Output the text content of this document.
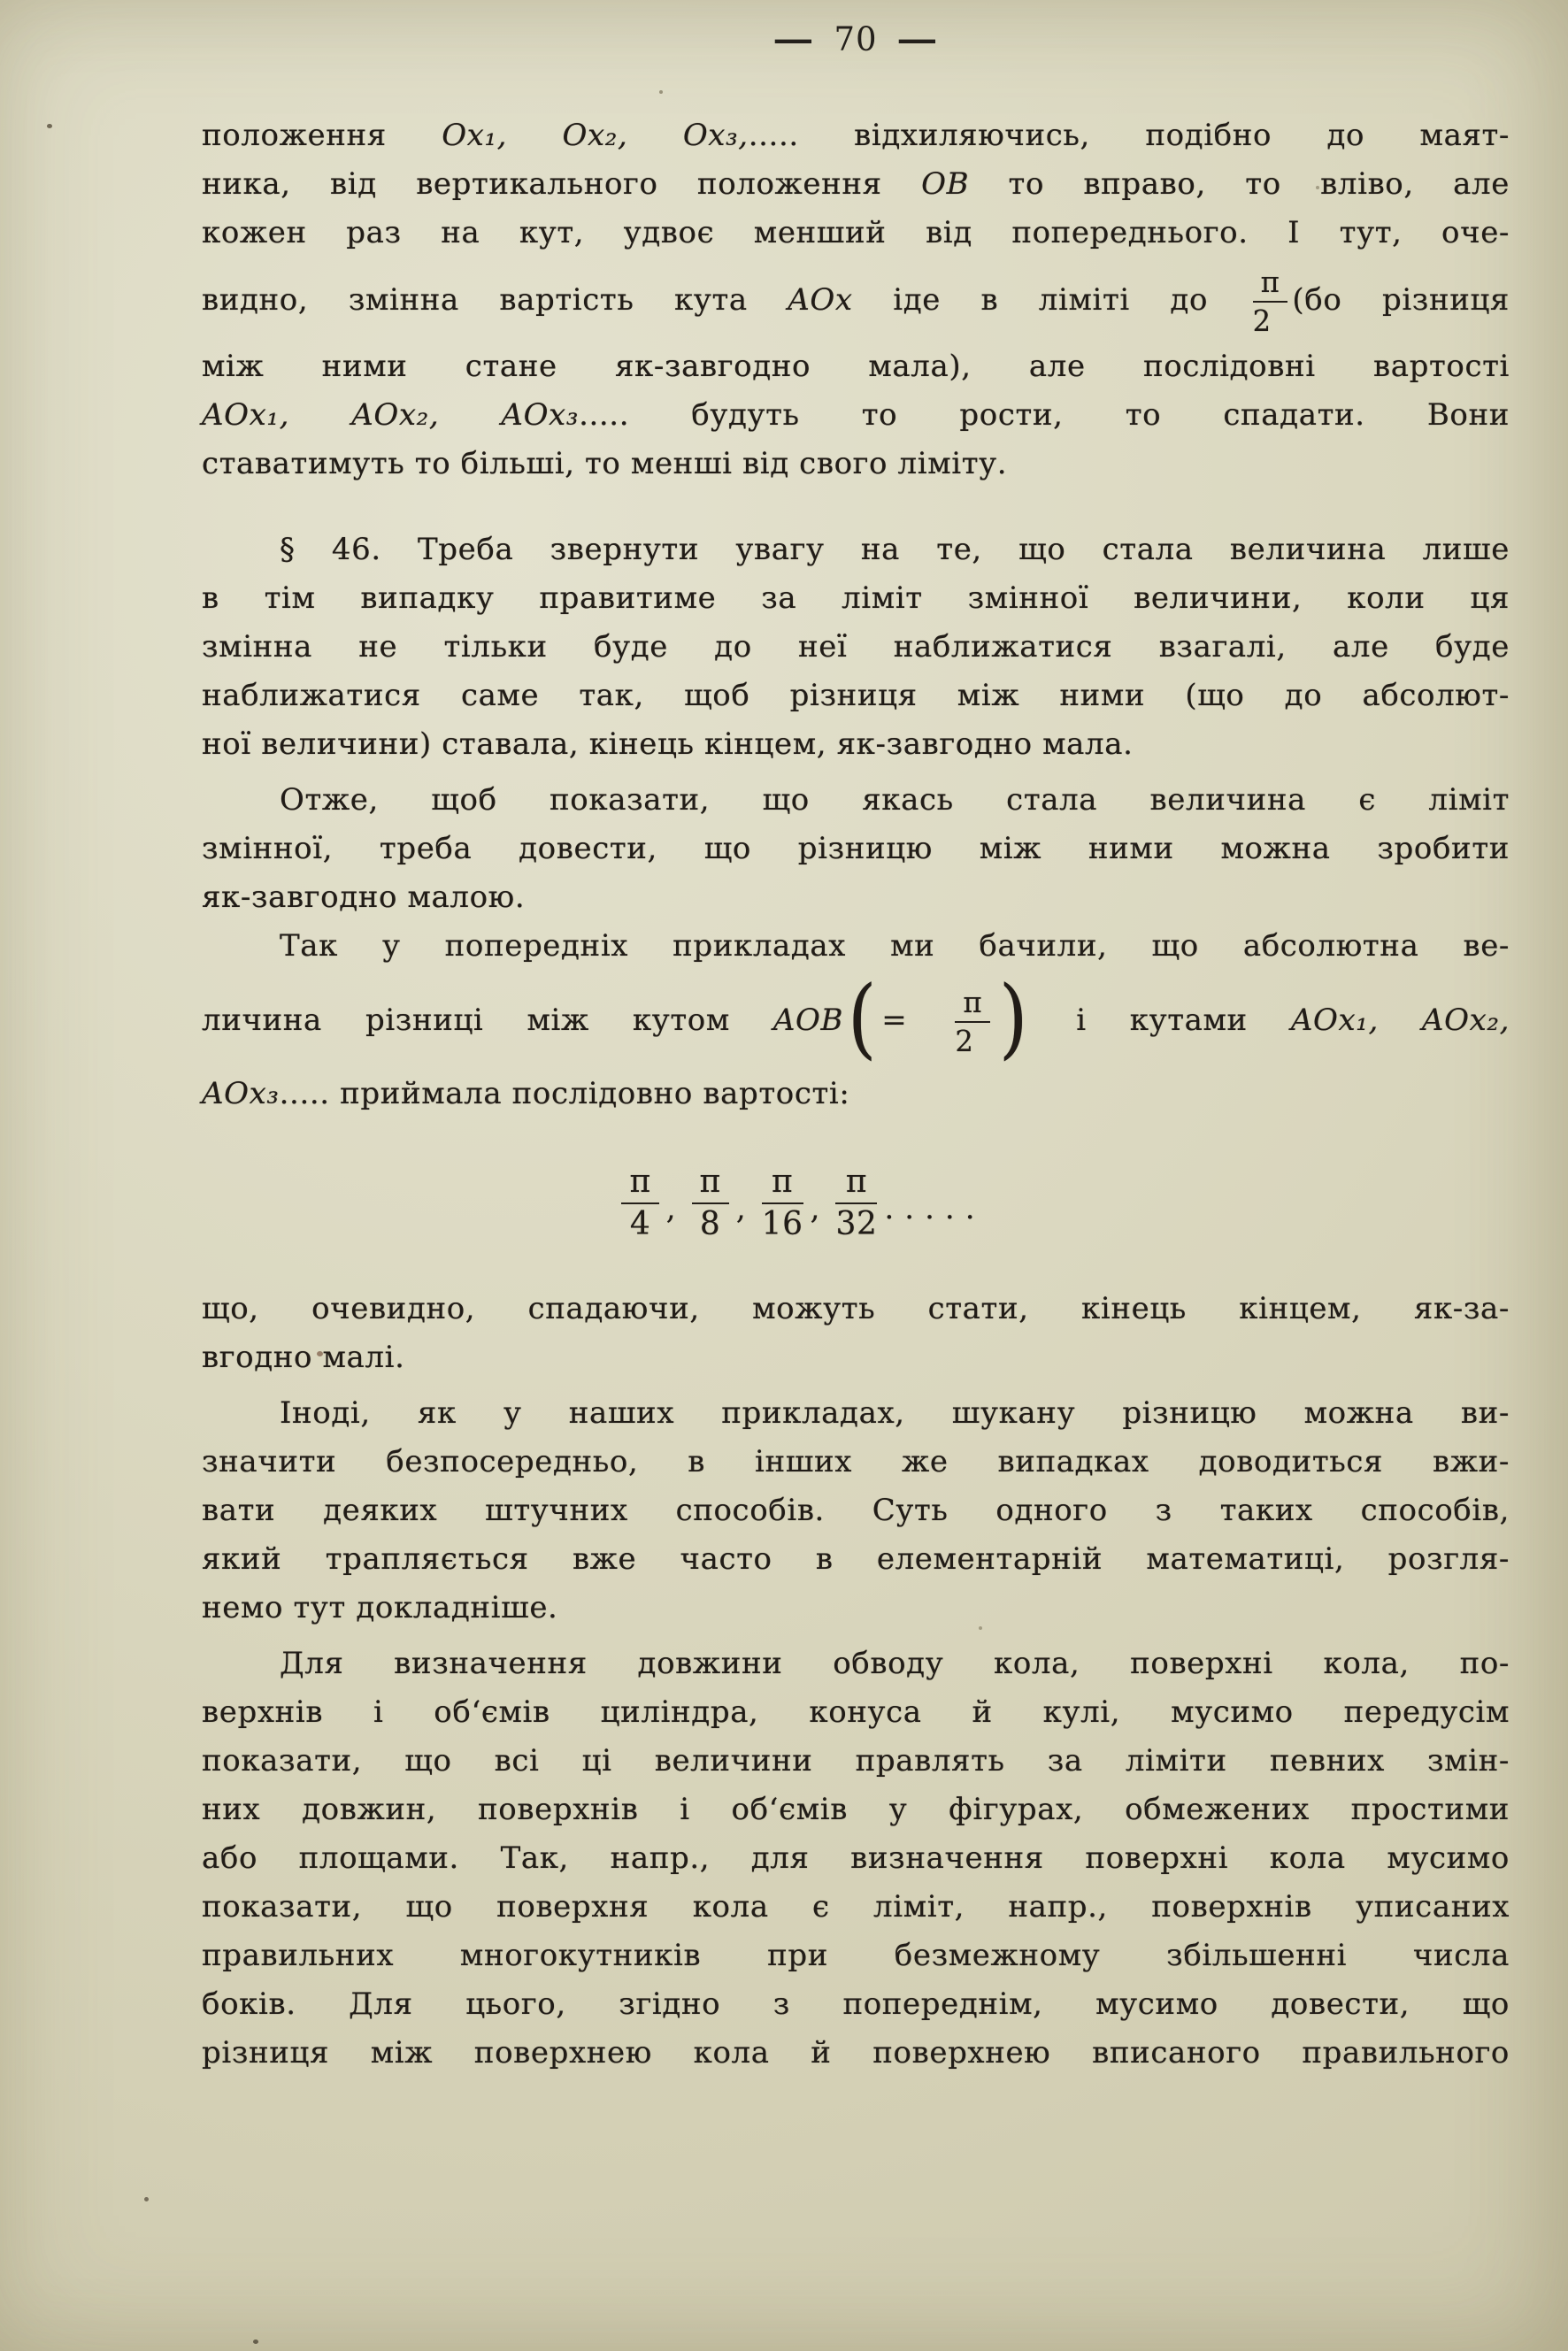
— 70 —
положення Ox₁, Ox₂, Ox₃,..... відхиляючись, подібно до маят-
ника, від вертикального положення OB то вправо, то вліво, але
кожен раз на кут, удвоє менший від попереднього. І тут, оче-
видно, змінна вартість кута AOx іде в ліміті до $\frac{\pi}{2} (бо$ різниця
між ними стане як-завгодно мала), але послідовні вартості
AOx₁, AOx₂, AOx₃..... будуть то рости, то спадати. Вони
ставатимуть то більші, то менші від свого ліміту.
§ 46. Треба звернути увагу на те, що стала величина лише
в тім випадку правитиме за ліміт змінної величини, коли ця
змінна не тільки буде до неї наближатися взагалі, але буде
наближатися саме так, щоб різниця між ними (що до абсолют-
ної величини) ставала, кінець кінцем, як-завгодно мала.
Отже, щоб показати, що якась стала величина є ліміт
змінної, треба довести, що різницю між ними можна зробити
як-завгодно малою.
Так у попередніх прикладах ми бачили, що абсолютна ве-
личина різниці між кутом $AOB( = \frac{\pi}{2}$ ) і кутами AOx₁, AOx₂,
AOx₃..... приймала послідовно вартості:
$\frac{\pi}{4}$ , $\frac{\pi}{8}$ , $\frac{\pi}{16}$ , $\frac{\pi}{32}$ .....
що, очевидно, спадаючи, можуть стати, кінець кінцем, як-за-
вгодно малі.
Іноді, як у наших прикладах, шукану різницю можна ви-
значити безпосередньо, в інших же випадках доводиться вжи-
вати деяких штучних способів. Суть одного з таких способів,
який трапляється вже часто в елементарній математиці, розгля-
немо тут докладніше.
Для визначення довжини обводу кола, поверхні кола, по-
верхнів і об‘ємів циліндра, конуса й кулі, мусимо передусім
показати, що всі ці величини правлять за ліміти певних змін-
них довжин, поверхнів і об‘ємів у фігурах, обмежених простими
або площами. Так, напр., для визначення поверхні кола мусимо
показати, що поверхня кола є ліміт, напр., поверхнів уписаних
правильних многокутників при безмежному збільшенні числа
боків. Для цього, згідно з попереднім, мусимо довести, що
різниця між поверхнею кола й поверхнею вписаного правильного
